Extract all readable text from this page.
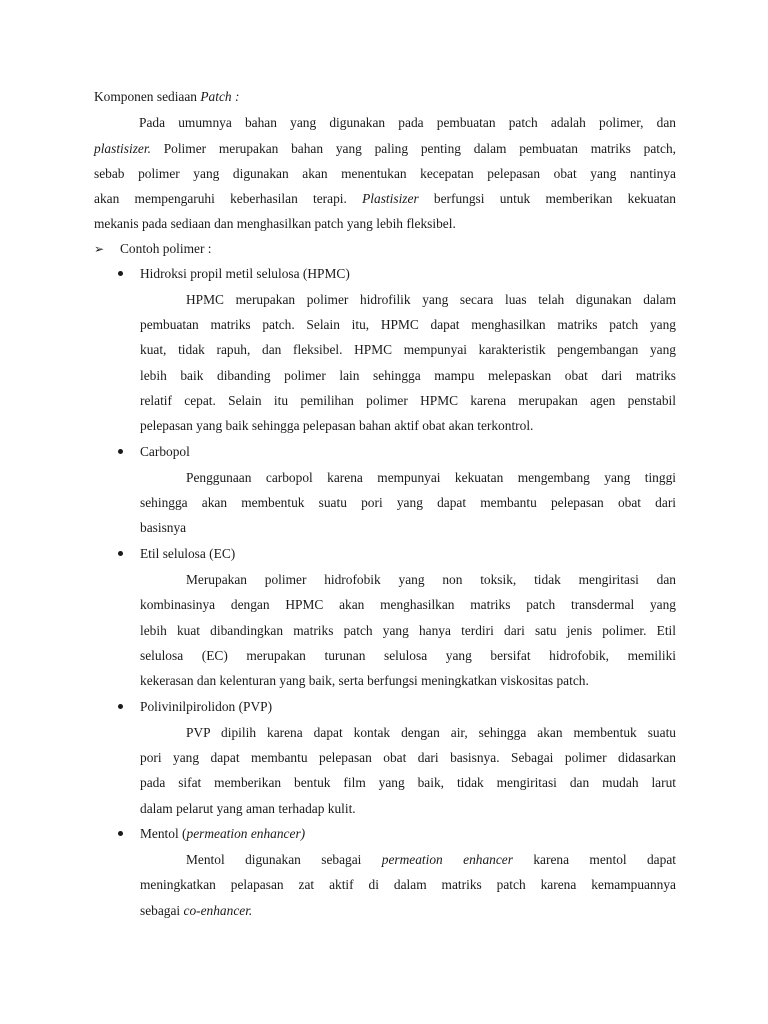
Komponen sediaan Patch :
Pada umumnya bahan yang digunakan pada pembuatan patch adalah polimer, dan
plastisizer. Polimer merupakan bahan yang paling penting dalam pembuatan matriks patch,
sebab polimer yang digunakan akan menentukan kecepatan pelepasan obat yang nantinya
akan mempengaruhi keberhasilan terapi. Plastisizer berfungsi untuk memberikan kekuatan
mekanis pada sediaan dan menghasilkan patch yang lebih fleksibel.
➢ Contoh polimer :
Hidroksi propil metil selulosa (HPMC)
HPMC merupakan polimer hidrofilik yang secara luas telah digunakan dalam
pembuatan matriks patch. Selain itu, HPMC dapat menghasilkan matriks patch yang
kuat, tidak rapuh, dan fleksibel. HPMC mempunyai karakteristik pengembangan yang
lebih baik dibanding polimer lain sehingga mampu melepaskan obat dari matriks
relatif cepat. Selain itu pemilihan polimer HPMC karena merupakan agen penstabil
pelepasan yang baik sehingga pelepasan bahan aktif obat akan terkontrol.
Carbopol
Penggunaan carbopol karena mempunyai kekuatan mengembang yang tinggi
sehingga akan membentuk suatu pori yang dapat membantu pelepasan obat dari
basisnya
Etil selulosa (EC)
Merupakan polimer hidrofobik yang non toksik, tidak mengiritasi dan
kombinasinya dengan HPMC akan menghasilkan matriks patch transdermal yang
lebih kuat dibandingkan matriks patch yang hanya terdiri dari satu jenis polimer. Etil
selulosa (EC) merupakan turunan selulosa yang bersifat hidrofobik, memiliki
kekerasan dan kelenturan yang baik, serta berfungsi meningkatkan viskositas patch.
Polivinilpirolidon (PVP)
PVP dipilih karena dapat kontak dengan air, sehingga akan membentuk suatu
pori yang dapat membantu pelepasan obat dari basisnya. Sebagai polimer didasarkan
pada sifat memberikan bentuk film yang baik, tidak mengiritasi dan mudah larut
dalam pelarut yang aman terhadap kulit.
Mentol (permeation enhancer)
Mentol digunakan sebagai permeation enhancer karena mentol dapat
meningkatkan pelapasan zat aktif di dalam matriks patch karena kemampuannya
sebagai co-enhancer.
